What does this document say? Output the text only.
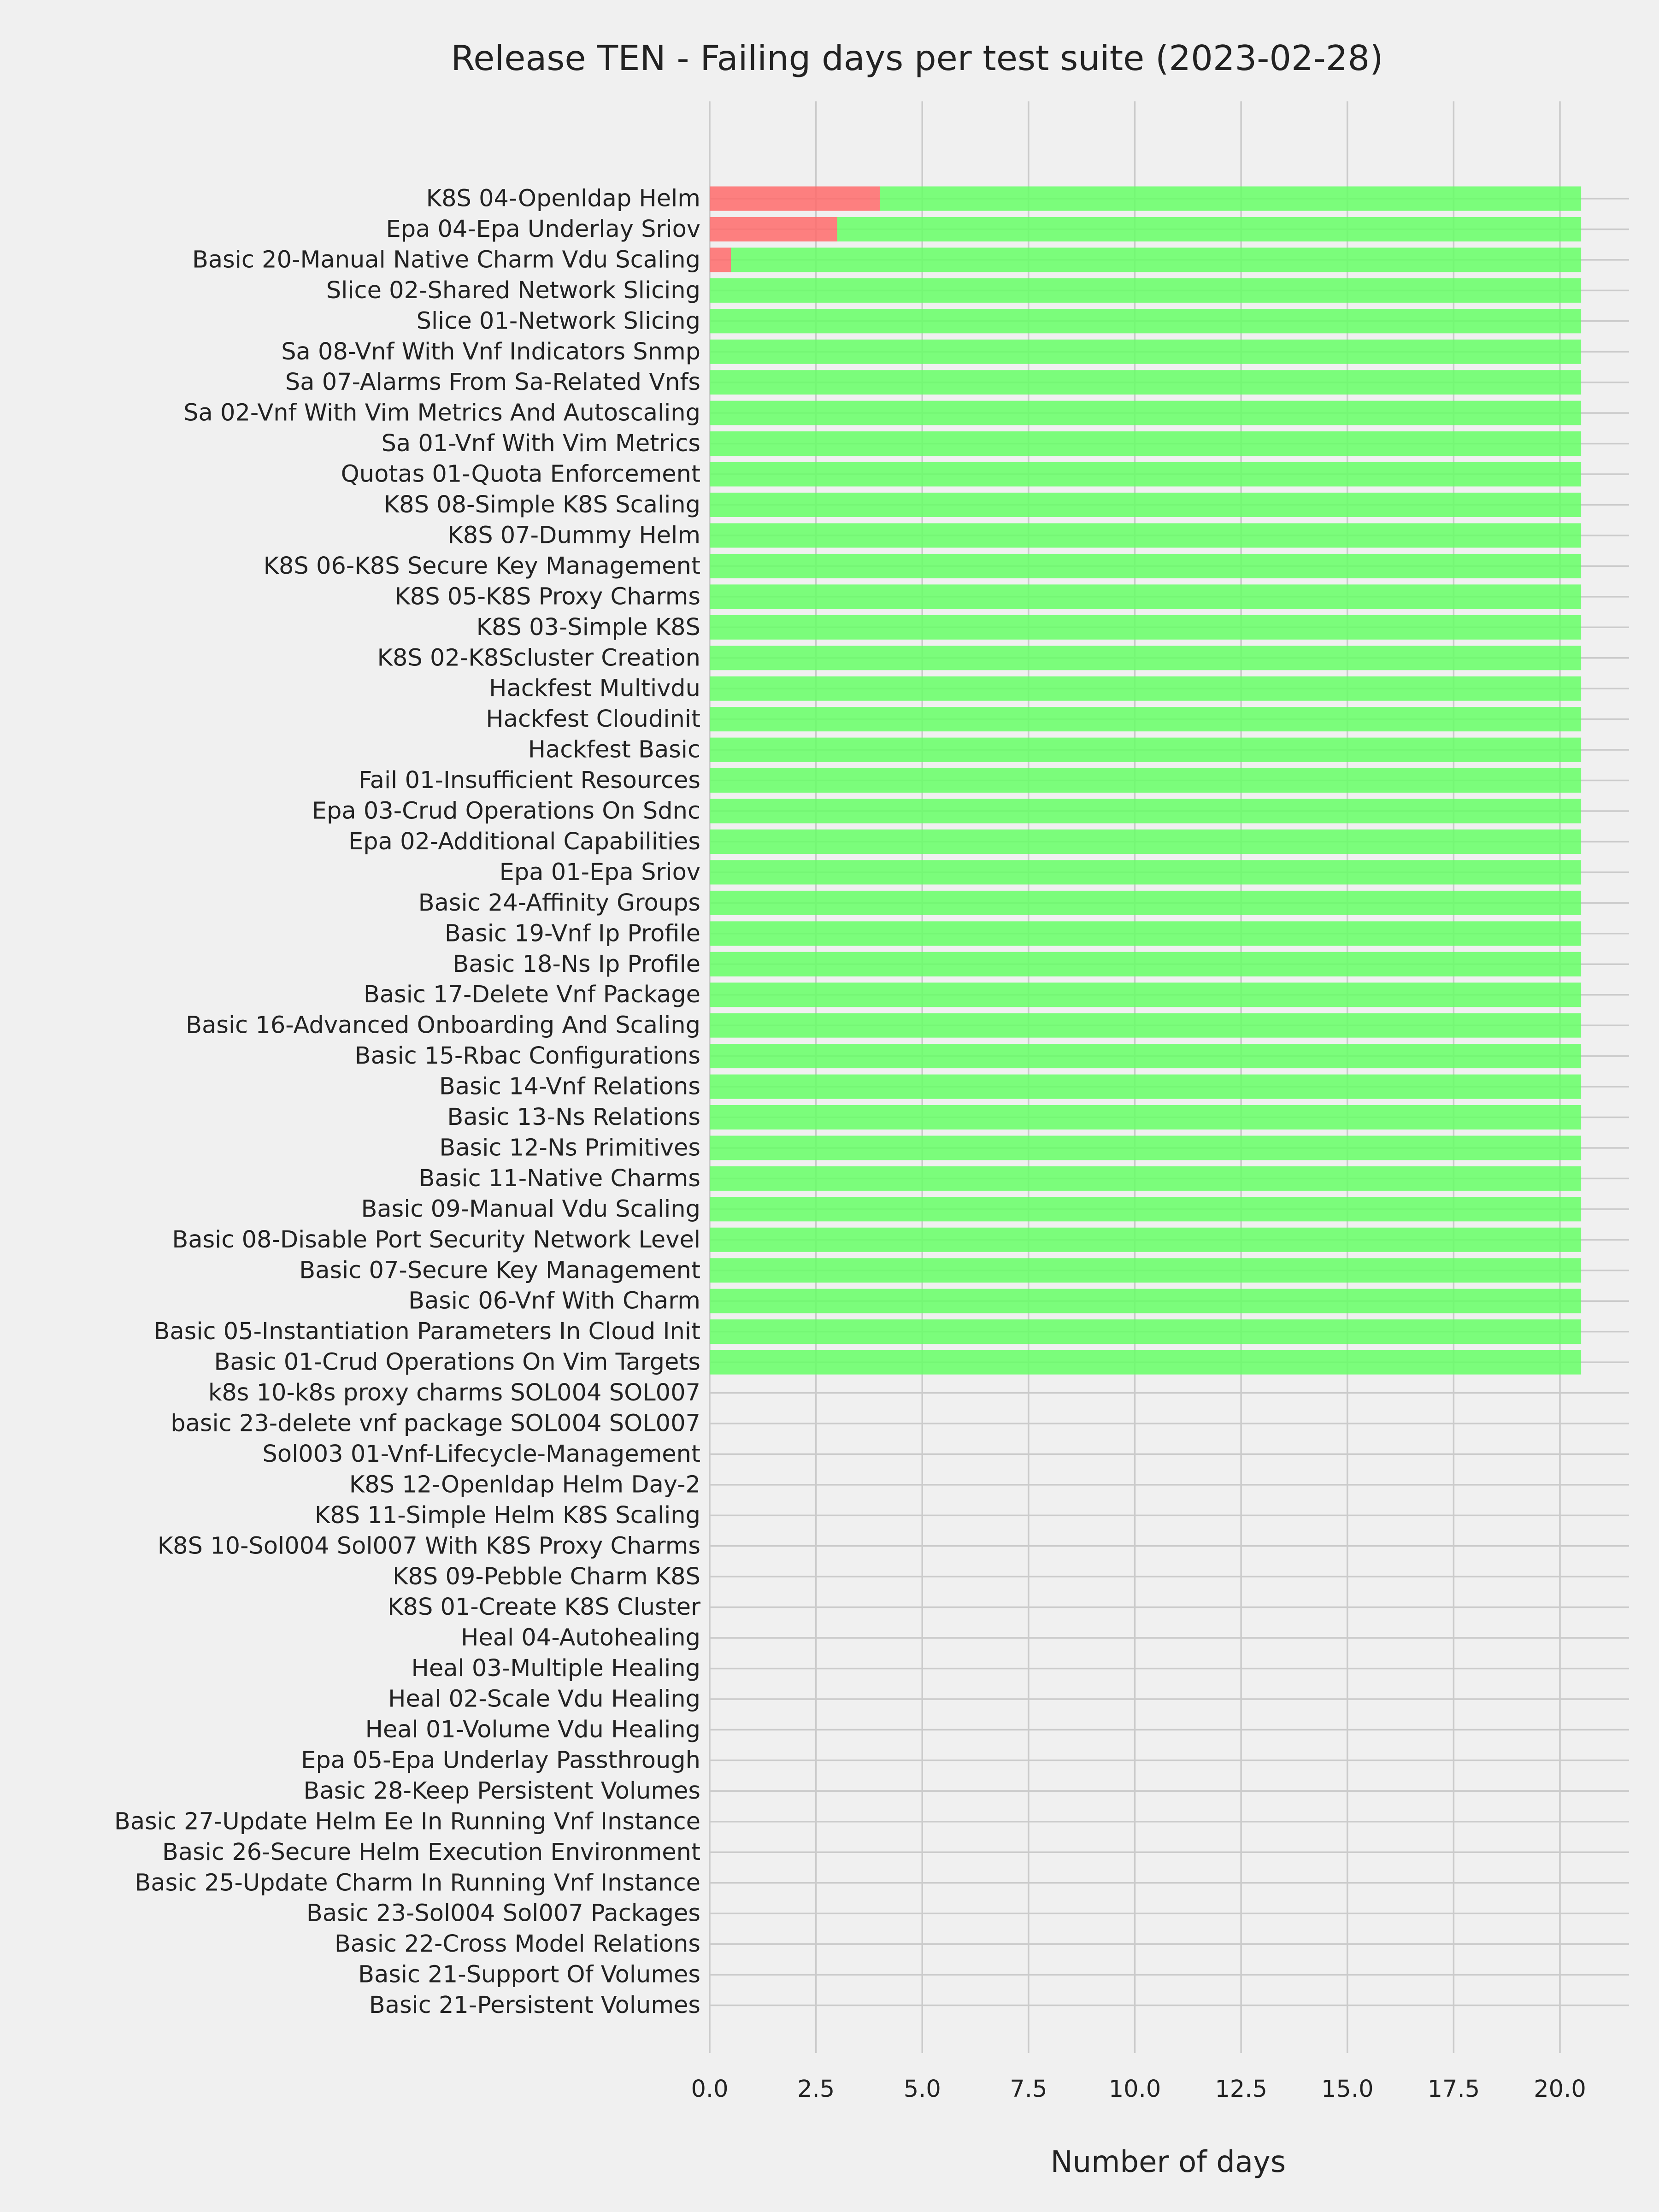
Release TEN - Failing days per test suite (2023-02-28)
K8S 04-Openldap Helm
Epa 04-Epa Underlay Sriov
Basic 20-Manual Native Charm Vdu Scaling
Slice 02-Shared Network Slicing
Slice 01-Network Slicing
Sa 08-Vnf With Vnf Indicators Snmp
Sa 07-Alarms From Sa-Related Vnfs
Sa 02-Vnf With Vim Metrics And Autoscaling
Sa 01-Vnf With Vim Metrics
Quotas 01-Quota Enforcement
K8S 08-Simple K8S Scaling
K8S 07-Dummy Helm
K8S 06-K8S Secure Key Management
K8S 05-K8S Proxy Charms
K8S 03-Simple K8S
K8S 02-K8Scluster Creation
Hackfest Multivdu
Hackfest Cloudinit
Hackfest Basic
Fail 01-Insufficient Resources
Epa 03-Crud Operations On Sdnc
Epa 02-Additional Capabilities
Epa 01-Epa Sriov
Basic 24-Affinity Groups
Basic 19-Vnf Ip Profile
Basic 18-Ns Ip Profile
Basic 17-Delete Vnf Package
Basic 16-Advanced Onboarding And Scaling
Basic 15-Rbac Configurations
Basic 14-Vnf Relations
Basic 13-Ns Relations
Basic 12-Ns Primitives
Basic 11-Native Charms
Basic 09-Manual Vdu Scaling
Basic 08-Disable Port Security Network Level
Basic 07-Secure Key Management
Basic 06-Vnf With Charm
Basic 05-Instantiation Parameters In Cloud Init
Basic 01-Crud Operations On Vim Targets
k8s 10-k8s proxy charms SOL004 SOL007
basic 23-delete vnf package SOL004 SOL007
Sol003 01-Vnf-Lifecycle-Management
K8S 12-Openldap Helm Day-2
K8S 11-Simple Helm K8S Scaling
K8S 10-Sol004 Sol007 With K8S Proxy Charms
K8S 09-Pebble Charm K8S
K8S 01-Create K8S Cluster
Heal 04-Autohealing
Heal 03-Multiple Healing
Heal 02-Scale Vdu Healing
Heal 01-Volume Vdu Healing
Epa 05-Epa Underlay Passthrough
Basic 28-Keep Persistent Volumes
Basic 27-Update Helm Ee In Running Vnf Instance
Basic 26-Secure Helm Execution Environment
Basic 25-Update Charm In Running Vnf Instance
Basic 23-Sol004 Sol007 Packages
Basic 22-Cross Model Relations
Basic 21-Support Of Volumes
Basic 21-Persistent Volumes
0.0	2.5	5.0	7.5	10.0 12.5 15.0 17.5 20.0
Number of days
